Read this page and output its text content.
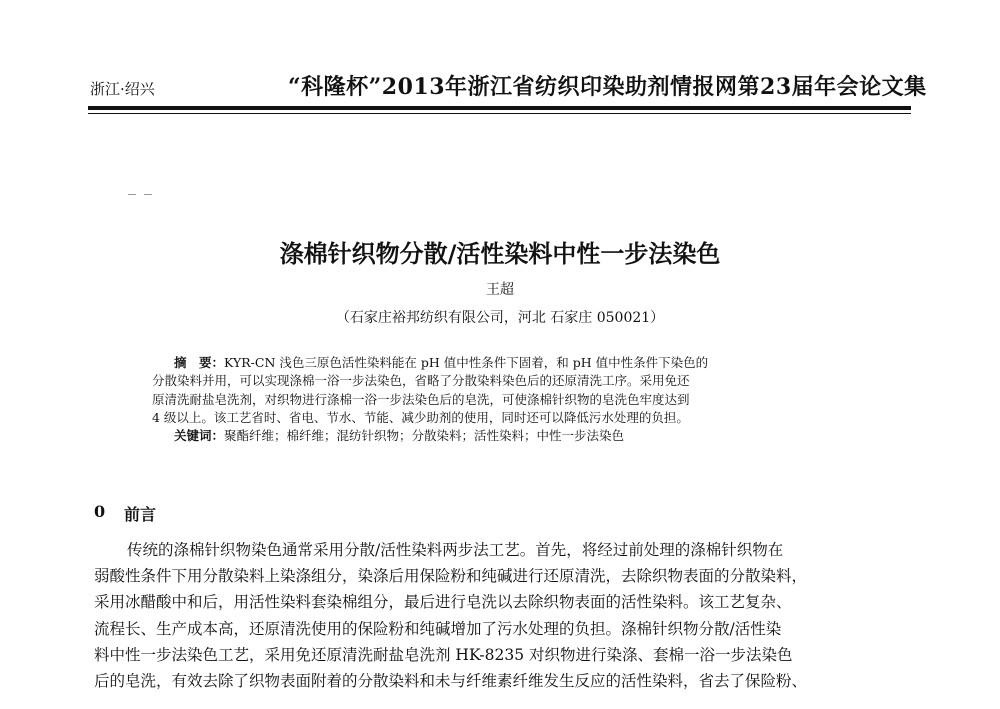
浙江·绍兴	“科隆杯”2013年浙江省纺织印染助剂情报网第23届年会论文集
涤棉针织物分散/活性染料中性一步法染色
王超
（石家庄裕邦纺织有限公司，河北 石家庄 050021）
摘　要：KYR-CN 浅色三原色活性染料能在 pH 值中性条件下固着，和 pH 值中性条件下染色的
分散染料并用，可以实现涤棉一浴一步法染色，省略了分散染料染色后的还原清洗工序。采用免还
原清洗耐盐皂洗剂，对织物进行涤棉一浴一步法染色后的皂洗，可使涤棉针织物的皂洗色牢度达到
4 级以上。该工艺省时、省电、节水、节能、减少助剂的使用，同时还可以降低污水处理的负担。
关键词：聚酯纤维；棉纤维；混纺针织物；分散染料；活性染料；中性一步法染色
0 前言
传统的涤棉针织物染色通常采用分散/活性染料两步法工艺。首先，将经过前处理的涤棉针织物在
弱酸性条件下用分散染料上染涤组分，染涤后用保险粉和纯碱进行还原清洗，去除织物表面的分散染料，
采用冰醋酸中和后，用活性染料套染棉组分，最后进行皂洗以去除织物表面的活性染料。该工艺复杂、
流程长、生产成本高，还原清洗使用的保险粉和纯碱增加了污水处理的负担。涤棉针织物分散/活性染
料中性一步法染色工艺，采用免还原清洗耐盐皂洗剂 HK-8235 对织物进行染涤、套棉一浴一步法染色
后的皂洗，有效去除了织物表面附着的分散染料和未与纤维素纤维发生反应的活性染料，省去了保险粉、
